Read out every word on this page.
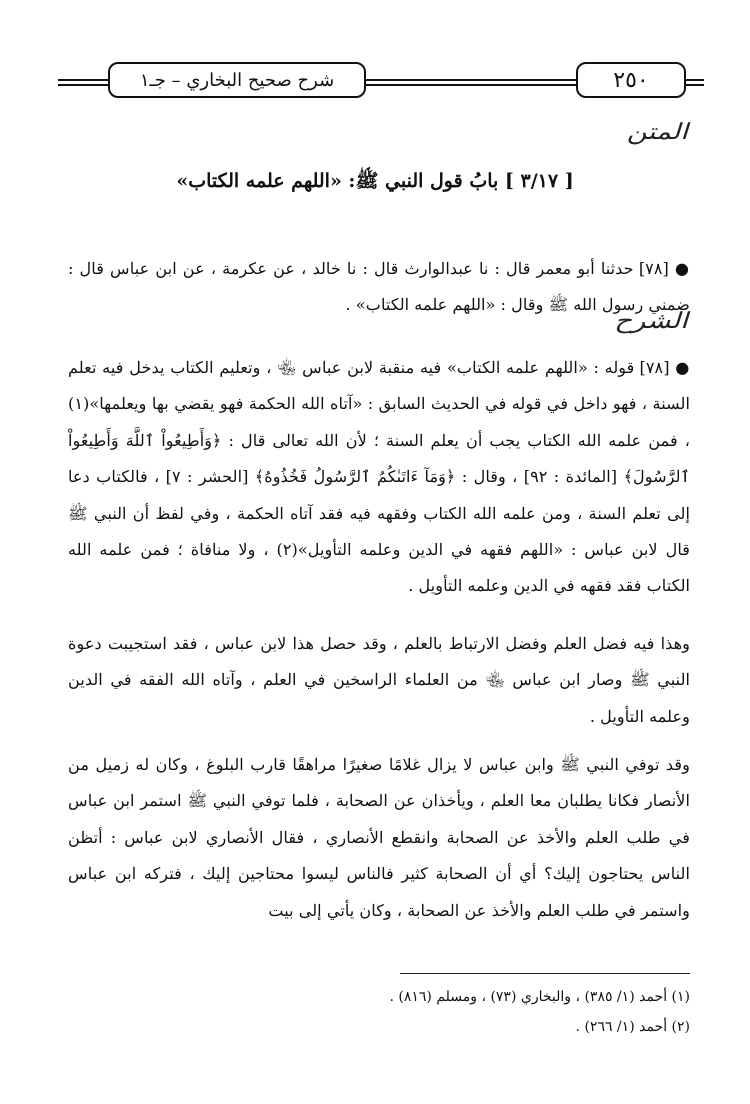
شرح صحيح البخاري – جـ١	٢٥٠
المتن
[ ٣/١٧ ] بابُ قول النبي ﷺ: «اللهم علمه الكتاب»

● [٧٨] حدثنا أبو معمر قال : نا عبدالوارث قال : نا خالد ، عن عكرمة ، عن ابن عباس قال : ضمني رسول الله ﷺ وقال : «اللهم علمه الكتاب» .

الشرح

● [٧٨] قوله : «اللهم علمه الكتاب» فيه منقبة لابن عباس ﵄ ، وتعليم الكتاب يدخل فيه تعلم السنة ، فهو داخل في قوله في الحديث السابق : «آتاه الله الحكمة فهو يقضي بها ويعلمها»(١) ، فمن علمه الله الكتاب يجب أن يعلم السنة ؛ لأن الله تعالى قال : ﴿وَأَطِيعُواْ ٱللَّهَ وَأَطِيعُواْ ٱلرَّسُولَ﴾ [المائدة : ٩٢] ، وقال : ﴿وَمَآ ءَاتَىٰكُمُ ٱلرَّسُولُ فَخُذُوهُ﴾ [الحشر : ٧] ، فالكتاب دعا إلى تعلم السنة ، ومن علمه الله الكتاب وفقهه فيه فقد آتاه الحكمة ، وفي لفظ أن النبي ﷺ قال لابن عباس : «اللهم فقهه في الدين وعلمه التأويل»(٢) ، ولا منافاة ؛ فمن علمه الله الكتاب فقد فقهه في الدين وعلمه التأويل .

وهذا فيه فضل العلم وفضل الارتباط بالعلم ، وقد حصل هذا لابن عباس ، فقد استجيبت دعوة النبي ﷺ وصار ابن عباس ﵄ من العلماء الراسخين في العلم ، وآتاه الله الفقه في الدين وعلمه التأويل .

وقد توفي النبي ﷺ وابن عباس لا يزال غلامًا صغيرًا مراهقًا قارب البلوغ ، وكان له زميل من الأنصار فكانا يطلبان معا العلم ، ويأخذان عن الصحابة ، فلما توفي النبي ﷺ استمر ابن عباس في طلب العلم والأخذ عن الصحابة وانقطع الأنصاري ، فقال الأنصاري لابن عباس : أتظن الناس يحتاجون إليك؟ أي أن الصحابة كثير فالناس ليسوا محتاجين إليك ، فتركه ابن عباس واستمر في طلب العلم والأخذ عن الصحابة ، وكان يأتي إلى بيت

(١) أحمد (١/ ٣٨٥) ، والبخاري (٧٣) ، ومسلم (٨١٦) .

(٢) أحمد (١/ ٢٦٦) .
